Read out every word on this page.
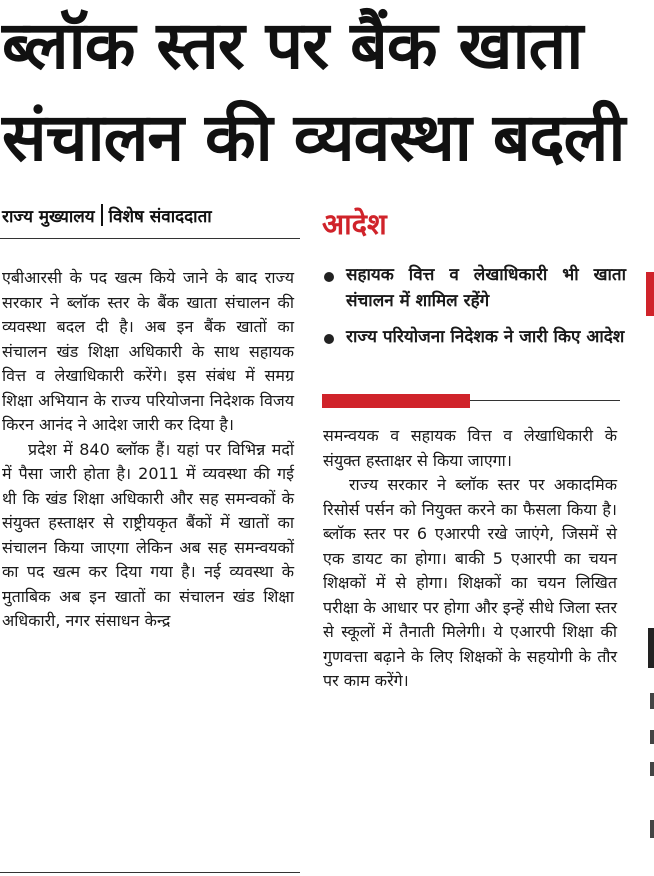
ब्लॉक स्तर पर बैंक खाता
संचालन की व्यवस्था बदली
राज्य मुख्यालय विशेष संवाददाता

एबीआरसी के पद खत्म किये जाने के बाद राज्य सरकार ने ब्लॉक स्तर के बैंक खाता संचालन की व्यवस्था बदल दी है। अब इन बैंक खातों का संचालन खंड शिक्षा अधिकारी के साथ सहायक वित्त व लेखाधिकारी करेंगे। इस संबंध में समग्र शिक्षा अभियान के राज्य परियोजना निदेशक विजय किरन आनंद ने आदेश जारी कर दिया है।

प्रदेश में 840 ब्लॉक हैं। यहां पर विभिन्न मदों में पैसा जारी होता है। 2011 में व्यवस्था की गई थी कि खंड शिक्षा अधिकारी और सह समन्वकों के संयुक्त हस्ताक्षर से राष्ट्रीयकृत बैंकों में खातों का संचालन किया जाएगा लेकिन अब सह समन्वयकों का पद खत्म कर दिया गया है। नई व्यवस्था के मुताबिक अब इन खातों का संचालन खंड शिक्षा अधिकारी, नगर संसाधन केन्द्र

आदेश
सहायक वित्त व लेखाधिकारी भी खाता संचालन में शामिल रहेंगे
राज्य परियोजना निदेशक ने जारी किए आदेश

समन्वयक व सहायक वित्त व लेखाधिकारी के संयुक्त हस्ताक्षर से किया जाएगा।

राज्य सरकार ने ब्लॉक स्तर पर अकादमिक रिसोर्स पर्सन को नियुक्त करने का फैसला किया है। ब्लॉक स्तर पर 6 एआरपी रखे जाएंगे, जिसमें से एक डायट का होगा। बाकी 5 एआरपी का चयन शिक्षकों में से होगा। शिक्षकों का चयन लिखित परीक्षा के आधार पर होगा और इन्हें सीधे जिला स्तर से स्कूलों में तैनाती मिलेगी। ये एआरपी शिक्षा की गुणवत्ता बढ़ाने के लिए शिक्षकों के सहयोगी के तौर पर काम करेंगे।
